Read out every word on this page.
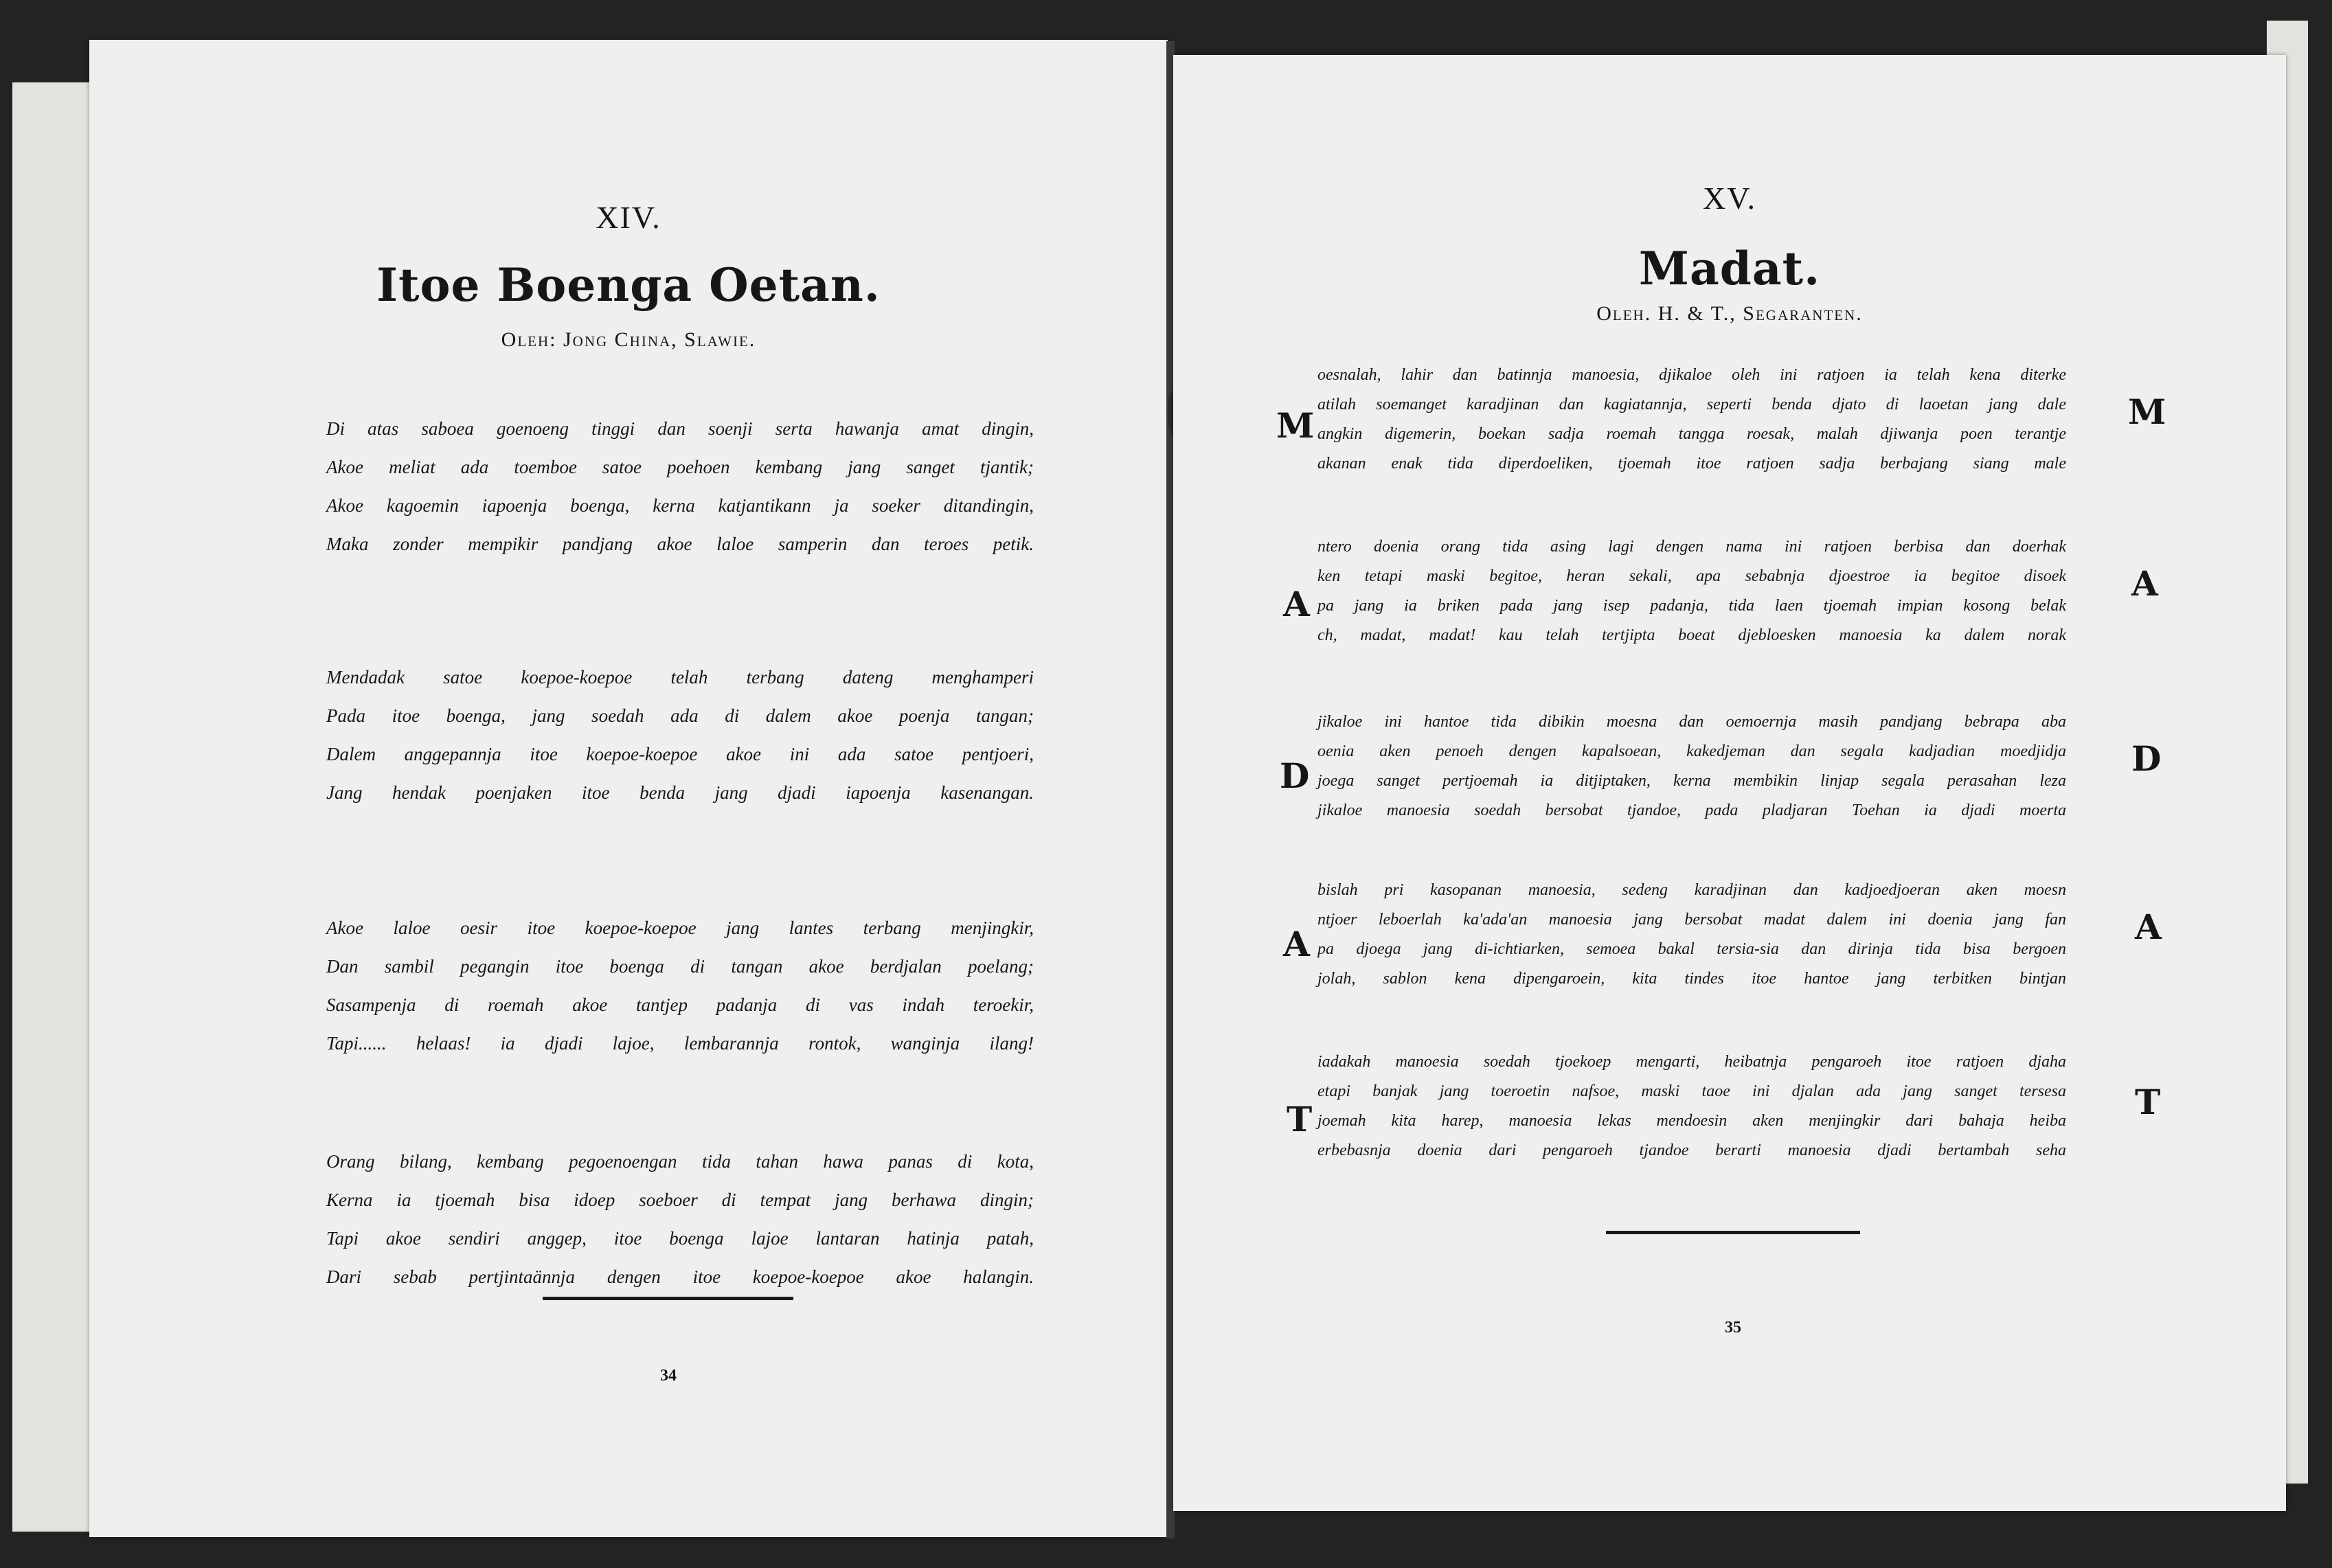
XIV.
Itoe Boenga Oetan.
Oleh: Jong China, Slawie.
Di atas saboea goenoeng tinggi dan soenji serta hawanja amat dingin,
Akoe meliat ada toemboe satoe poehoen kembang jang sanget tjantik;
Akoe kagoemin iapoenja boenga, kerna katjantikann ja soeker ditandingin,
Maka zonder mempikir pandjang akoe laloe samperin dan teroes petik.
Mendadak satoe koepoe-koepoe telah terbang dateng menghamperi
Pada itoe boenga, jang soedah ada di dalem akoe poenja tangan;
Dalem anggepannja itoe koepoe-koepoe akoe ini ada satoe pentjoeri,
Jang hendak poenjaken itoe benda jang djadi iapoenja kasenangan.
Akoe laloe oesir itoe koepoe-koepoe jang lantes terbang menjingkir,
Dan sambil pegangin itoe boenga di tangan akoe berdjalan poelang;
Sasampenja di roemah akoe tantjep padanja di vas indah teroekir,
Tapi...... helaas! ia djadi lajoe, lembarannja rontok, wanginja ilang!
Orang bilang, kembang pegoenoengan tida tahan hawa panas di kota,
Kerna ia tjoemah bisa idoep soeboer di tempat jang berhawa dingin;
Tapi akoe sendiri anggep, itoe boenga lajoe lantaran hatinja patah,
Dari sebab pertjintaännja dengen itoe koepoe-koepoe akoe halangin.
34
XV.
Madat.
Oleh. H. & T., Segaranten.
M
oesnalah, lahir dan batinnja manoesia, djikaloe oleh ini ratjoen ia telah kena diterke
atilah soemanget karadjinan dan kagiatannja, seperti benda djato di laoetan jang dale
angkin digemerin, boekan sadja roemah tangga roesak, malah djiwanja poen terantje
akanan enak tida diperdoeliken, tjoemah itoe ratjoen sadja berbajang siang male
M
A
ntero doenia orang tida asing lagi dengen nama ini ratjoen berbisa dan doerhak
ken tetapi maski begitoe, heran sekali, apa sebabnja djoestroe ia begitoe disoek
pa jang ia briken pada jang isep padanja, tida laen tjoemah impian kosong belak
ch, madat, madat! kau telah tertjipta boeat djebloesken manoesia ka dalem norak
A
D
jikaloe ini hantoe tida dibikin moesna dan oemoernja masih pandjang bebrapa aba
oenia aken penoeh dengen kapalsoean, kakedjeman dan segala kadjadian moedjidja
joega sanget pertjoemah ia ditjiptaken, kerna membikin linjap segala perasahan leza
jikaloe manoesia soedah bersobat tjandoe, pada pladjaran Toehan ia djadi moerta
D
A
bislah pri kasopanan manoesia, sedeng karadjinan dan kadjoedjoeran aken moesn
ntjoer leboerlah ka'ada'an manoesia jang bersobat madat dalem ini doenia jang fan
pa djoega jang di-ichtiarken, semoea bakal tersia-sia dan dirinja tida bisa bergoen
jolah, sablon kena dipengaroein, kita tindes itoe hantoe jang terbitken bintjan
A
T
iadakah manoesia soedah tjoekoep mengarti, heibatnja pengaroeh itoe ratjoen djaha
etapi banjak jang toeroetin nafsoe, maski taoe ini djalan ada jang sanget tersesa
joemah kita harep, manoesia lekas mendoesin aken menjingkir dari bahaja heiba
erbebasnja doenia dari pengaroeh tjandoe berarti manoesia djadi bertambah seha
T
35
